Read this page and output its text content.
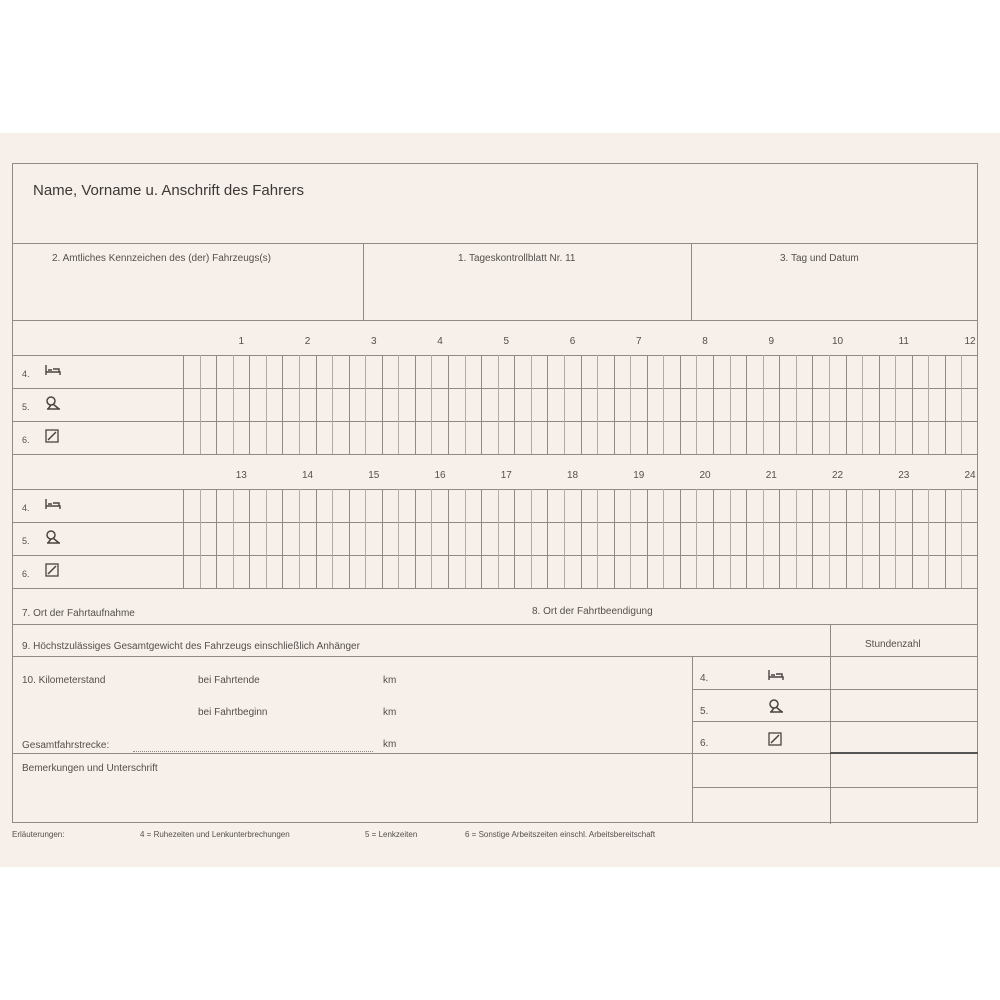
Name, Vorname u. Anschrift des Fahrers
2. Amtliches Kennzeichen des (der) Fahrzeugs(s)	1. Tageskontrollblatt Nr. 11	3. Tag und Datum
1	2	3	4	5	6	7	8	9	10	11	12
4.
5.
6.
13	14	15	16	17	18	19	20	21	22	23	24
4.
5.
6.
7. Ort der Fahrtaufnahme	8. Ort der Fahrtbeendigung
9. Höchstzulässiges Gesamtgewicht des Fahrzeugs einschließlich Anhänger	Stundenzahl
10. Kilometerstand	bei Fahrtende	km
bei Fahrtbeginn	km
Gesamtfahrstrecke:	km
4.
5.
6.
Bemerkungen und Unterschrift
Erläuterungen:	4 = Ruhezeiten und Lenkunterbrechungen	5 = Lenkzeiten	6 = Sonstige Arbeitszeiten einschl. Arbeitsbereitschaft
